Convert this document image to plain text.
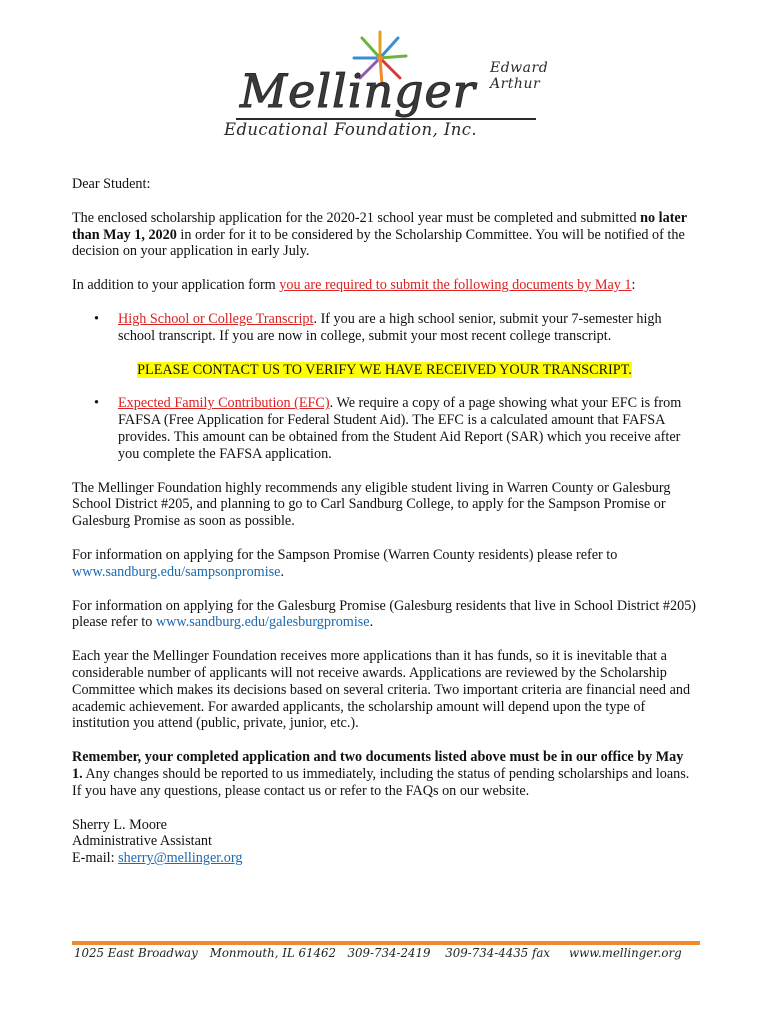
Edward Arthur
Mellinger
Educational Foundation, Inc.

Dear Student:

The enclosed scholarship application for the 2020-21 school year must be completed and submitted no later than May 1, 2020 in order for it to be considered by the Scholarship Committee. You will be notified of the decision on your application in early July.

In addition to your application form you are required to submit the following documents by May 1:

• High School or College Transcript. If you are a high school senior, submit your 7-semester high school transcript. If you are now in college, submit your most recent college transcript.

PLEASE CONTACT US TO VERIFY WE HAVE RECEIVED YOUR TRANSCRIPT.

• Expected Family Contribution (EFC). We require a copy of a page showing what your EFC is from FAFSA (Free Application for Federal Student Aid). The EFC is a calculated amount that FAFSA provides. This amount can be obtained from the Student Aid Report (SAR) which you receive after you complete the FAFSA application.

The Mellinger Foundation highly recommends any eligible student living in Warren County or Galesburg School District #205, and planning to go to Carl Sandburg College, to apply for the Sampson Promise or Galesburg Promise as soon as possible.

For information on applying for the Sampson Promise (Warren County residents) please refer to www.sandburg.edu/sampsonpromise.

For information on applying for the Galesburg Promise (Galesburg residents that live in School District #205) please refer to www.sandburg.edu/galesburgpromise.

Each year the Mellinger Foundation receives more applications than it has funds, so it is inevitable that a considerable number of applicants will not receive awards. Applications are reviewed by the Scholarship Committee which makes its decisions based on several criteria. Two important criteria are financial need and academic achievement. For awarded applicants, the scholarship amount will depend upon the type of institution you attend (public, private, junior, etc.).

Remember, your completed application and two documents listed above must be in our office by May 1. Any changes should be reported to us immediately, including the status of pending scholarships and loans. If you have any questions, please contact us or refer to the FAQs on our website.

Sherry L. Moore

Administrative Assistant

E-mail: sherry@mellinger.org

1025 East Broadway Monmouth, IL 61462 309-734-2419 309-734-4435 fax www.mellinger.org
